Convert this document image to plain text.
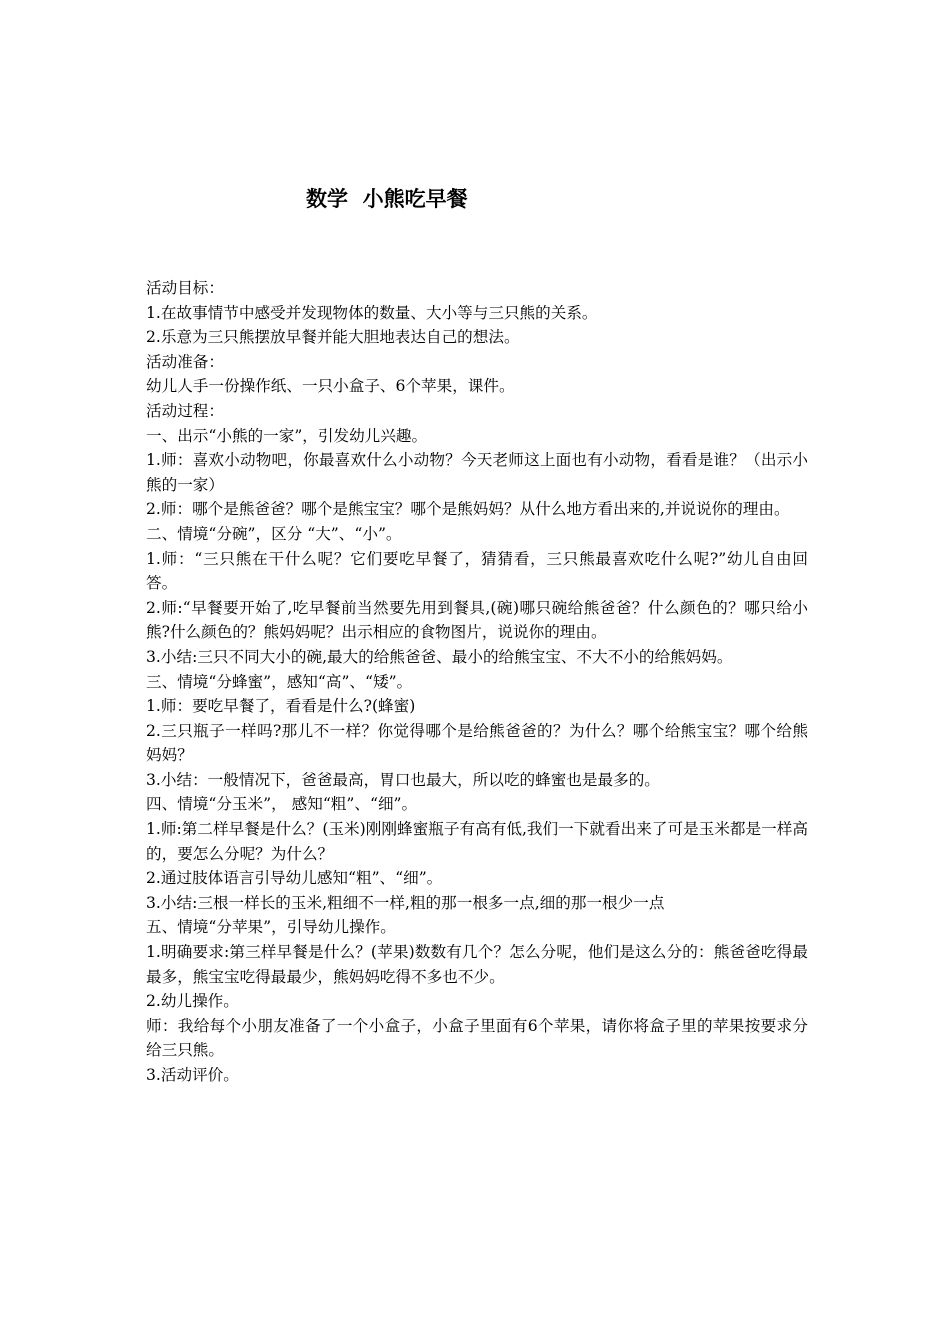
数学  小熊吃早餐

活动目标：

1.在故事情节中感受并发现物体的数量、大小等与三只熊的关系。

2.乐意为三只熊摆放早餐并能大胆地表达自己的想法。

活动准备：

幼儿人手一份操作纸、一只小盒子、6个苹果，课件。

活动过程：

一、出示“小熊的一家”，引发幼儿兴趣。

1.师：喜欢小动物吧，你最喜欢什么小动物？今天老师这上面也有小动物，看看是谁？（出示小熊的一家）

2.师：哪个是熊爸爸？哪个是熊宝宝？哪个是熊妈妈？从什么地方看出来的,并说说你的理由。

二、情境“分碗”，区分 “大”、“小”。

1.师：“三只熊在干什么呢？它们要吃早餐了，猜猜看，三只熊最喜欢吃什么呢?”幼儿自由回答。

2.师:“早餐要开始了,吃早餐前当然要先用到餐具,(碗)哪只碗给熊爸爸？什么颜色的？哪只给小熊?什么颜色的？熊妈妈呢？出示相应的食物图片，说说你的理由。

3.小结:三只不同大小的碗,最大的给熊爸爸、最小的给熊宝宝、不大不小的给熊妈妈。

三、情境“分蜂蜜”，感知“高”、“矮”。

1.师：要吃早餐了，看看是什么?(蜂蜜)

2.三只瓶子一样吗?那儿不一样？你觉得哪个是给熊爸爸的？为什么？哪个给熊宝宝？哪个给熊妈妈？

3.小结：一般情况下，爸爸最高，胃口也最大，所以吃的蜂蜜也是最多的。

四、情境“分玉米”， 感知“粗”、“细”。

1.师:第二样早餐是什么？(玉米)刚刚蜂蜜瓶子有高有低,我们一下就看出来了可是玉米都是一样高的，要怎么分呢？为什么？

2.通过肢体语言引导幼儿感知“粗”、“细”。

3.小结:三根一样长的玉米,粗细不一样,粗的那一根多一点,细的那一根少一点

五、情境“分苹果”，引导幼儿操作。

1.明确要求:第三样早餐是什么？(苹果)数数有几个？怎么分呢，他们是这么分的：熊爸爸吃得最最多，熊宝宝吃得最最少，熊妈妈吃得不多也不少。

2.幼儿操作。

师：我给每个小朋友准备了一个小盒子，小盒子里面有6个苹果，请你将盒子里的苹果按要求分给三只熊。

3.活动评价。
